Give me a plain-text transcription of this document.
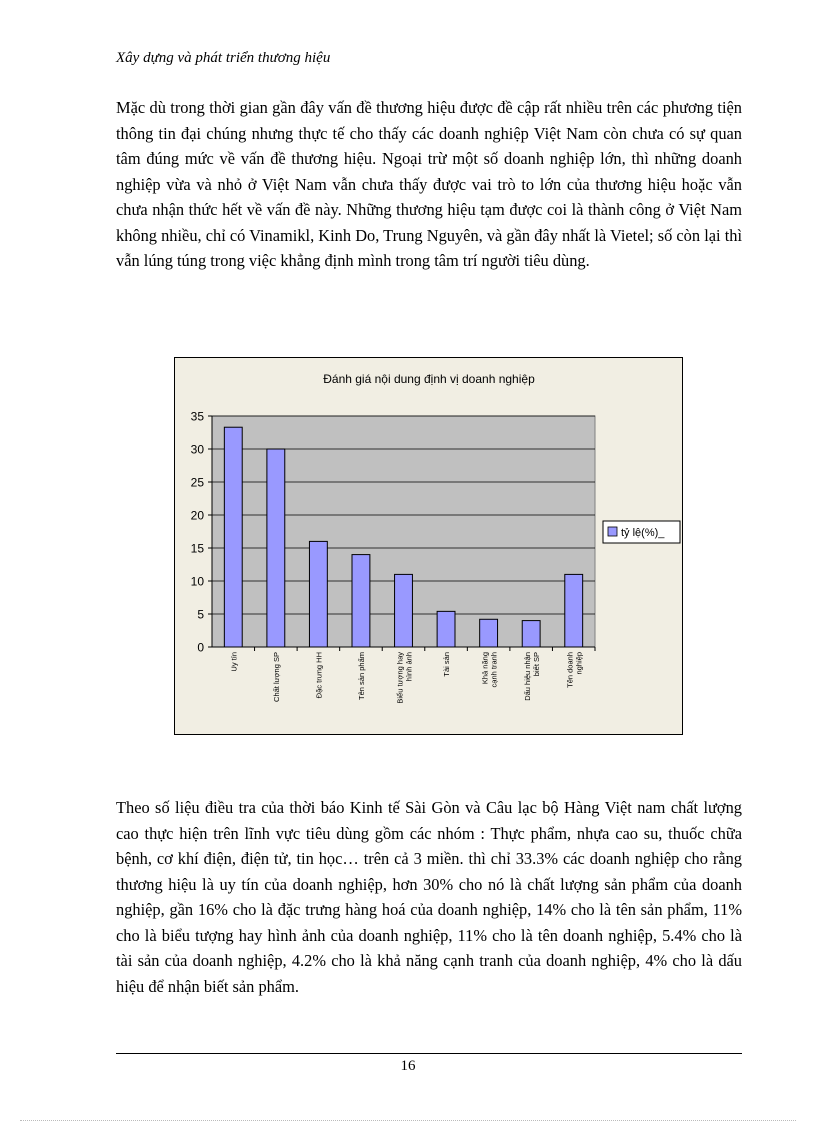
Xây dựng và phát triển thương hiệu

Mặc dù trong thời gian gần đây vấn đề thương hiệu được đề cập rất nhiều trên các phương tiện thông tin đại chúng nhưng thực tế cho thấy các doanh nghiệp Việt Nam còn chưa có sự quan tâm đúng mức về vấn đề thương hiệu. Ngoại trừ một số doanh nghiệp lớn, thì những doanh nghiệp vừa và nhỏ ở Việt Nam vẫn chưa thấy được vai trò to lớn của thương hiệu hoặc vẫn chưa nhận thức hết về vấn đề này. Những thương hiệu tạm được coi là thành công ở Việt Nam không nhiều, chỉ có Vinamikl, Kinh Do, Trung Nguyên, và gần đây nhất là Vietel; số còn lại thì vẫn lúng túng trong việc khẳng định mình trong tâm trí người tiêu dùng.

Đánh giá nội dung định vị doanh nghiệp
0
5
10
15
20
25
30
35
Uy tín	Chất lượng SP	Đặc trưng HH	Tên sản phẩm	Biểu tượng hayhình ảnh	Tài sản	Khả năngcạnh tranh	Dấu hiệu nhậnbiết SP	Tên doanhnghiệp
tỷ lệ(%)_

Theo số liệu điều tra của thời báo Kinh tế Sài Gòn và Câu lạc bộ Hàng Việt nam chất lượng cao thực hiện trên lĩnh vực tiêu dùng gồm các nhóm : Thực phẩm, nhựa cao su, thuốc chữa bệnh, cơ khí điện, điện tử, tin học… trên cả 3 miền. thì chỉ 33.3% các doanh nghiệp cho rằng thương hiệu là uy tín của doanh nghiệp, hơn 30% cho nó là chất lượng sản phẩm của doanh nghiệp, gần 16% cho là đặc trưng hàng hoá của doanh nghiệp, 14% cho là tên sản phẩm, 11% cho là biểu tượng hay hình ảnh của doanh nghiệp, 11% cho là tên doanh nghiệp, 5.4% cho là tài sản của doanh nghiệp, 4.2% cho là khả năng cạnh tranh của doanh nghiệp, 4% cho là dấu hiệu để nhận biết sản phẩm.

16
